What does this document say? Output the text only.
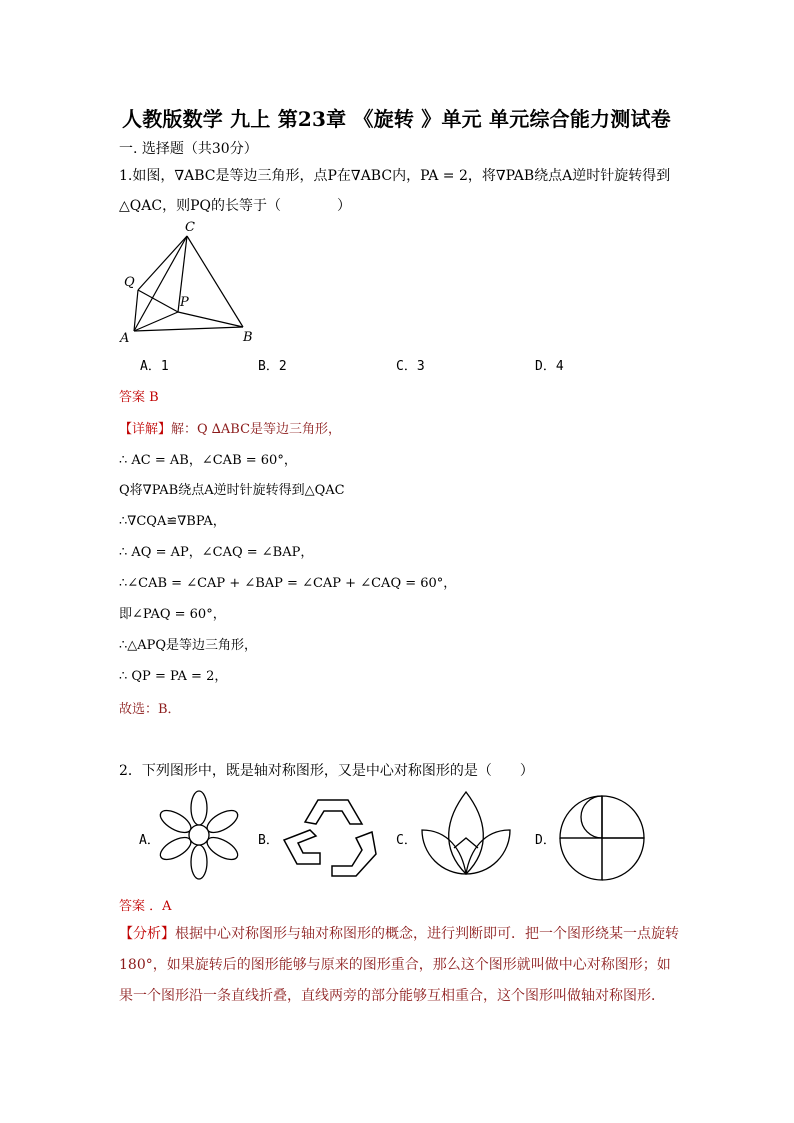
人教版数学 九上 第23章 《旋转 》单元 单元综合能力测试卷
一. 选择题（共30分）
1.如图，∇ABC是等边三角形，点P在∇ABC内，PA = 2，将∇PAB绕点A逆时针旋转得到
△QAC，则PQ的长等于（　　　　）
C
Q
P
A	B
A．1	B．2	C．3	D．4
答案 B
【详解】解：Q ∆ABC是等边三角形，
∴ AC = AB，∠CAB = 60°，
Q将∇PAB绕点A逆时针旋转得到△QAC
∴∇CQA≌∇BPA，
∴ AQ = AP，∠CAQ = ∠BAP，
∴∠CAB = ∠CAP + ∠BAP = ∠CAP + ∠CAQ = 60°，
即∠PAQ = 60°，
∴△APQ是等边三角形，
∴ QP = PA = 2，
故选：B．
2．下列图形中，既是轴对称图形，又是中心对称图形的是（　　）
A．	B．	C．	D．
答案 ．A
【分析】根据中心对称图形与轴对称图形的概念，进行判断即可．把一个图形绕某一点旋转180°，如果旋转后的图形能够与原来的图形重合，那么这个图形就叫做中心对称图形；如果一个图形沿一条直线折叠，直线两旁的部分能够互相重合，这个图形叫做轴对称图形．
